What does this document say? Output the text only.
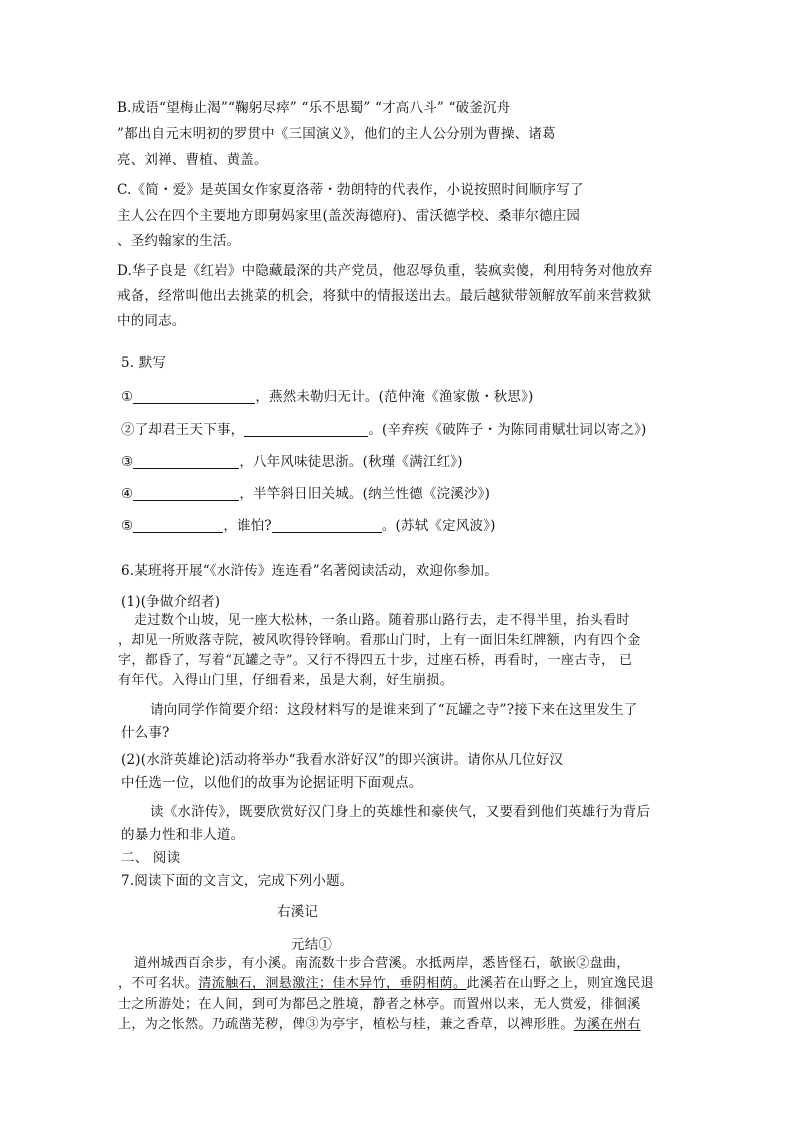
B.成语“望梅止渴”“鞠躬尽瘁” “乐不思蜀” “才高八斗” “破釜沉舟
”都出自元末明初的罗贯中《三国演义》，他们的主人公分别为曹操、诸葛
亮、刘禅、曹植、黄盖。
C.《简・爱》是英国女作家夏洛蒂・勃朗特的代表作，小说按照时间顺序写了
主人公在四个主要地方即舅妈家里(盖茨海德府)、雷沃德学校、桑菲尔德庄园
、圣约翰家的生活。
D.华子良是《红岩》中隐藏最深的共产党员，他忍辱负重，装疯卖傻，利用特务对他放弃
戒备，经常叫他出去挑菜的机会，将狱中的情报送出去。最后越狱带领解放军前来营救狱
中的同志。
5. 默写
①	，燕然未勒归无计。(范仲淹《渔家傲・秋思》)
②了却君王天下事，	。(辛弃疾《破阵子・为陈同甫赋壮词以寄之》)
③	，八年风味徒思浙。(秋瑾《满江红》)
④	，半竿斜日旧关城。(纳兰性德《浣溪沙》)
⑤	，谁怕?	。(苏轼《定风波》)
6.某班将开展“《水浒传》连连看”名著阅读活动，欢迎你参加。
(1)(争做介绍者)
走过数个山坡，见一座大松林，一条山路。随着那山路行去，走不得半里，抬头看时
，却见一所败落寺院，被风吹得铃铎响。看那山门时，上有一面旧朱红牌额，内有四个金
字，都昏了，写着“瓦罐之寺”。又行不得四五十步，过座石桥，再看时，一座古寺， 已
有年代。入得山门里，仔细看来，虽是大刹，好生崩损。
请向同学作简要介绍：这段材料写的是谁来到了“瓦罐之寺”?接下来在这里发生了
什么事?
(2)(水浒英雄论)活动将举办“我看水浒好汉”的即兴演讲。请你从几位好汉
中任选一位，以他们的故事为论据证明下面观点。
读《水浒传》，既要欣赏好汉门身上的英雄性和豪侠气，又要看到他们英雄行为背后
的暴力性和非人道。
二、 阅读
7.阅读下面的文言文，完成下列小题。
右溪记
元结①
道州城西百余步，有小溪。南流数十步合营溪。水抵两岸，悉皆怪石，欹嵌②盘曲，
，不可名状。清流触石，洄悬激注；佳木异竹，垂阴相荫。此溪若在山野之上，则宜逸民退
士之所游处；在人间，到可为都邑之胜境，静者之林亭。而置州以来，无人赏爱，徘徊溪
上，为之怅然。乃疏凿芜秽，俾③为亭宇，植松与桂，兼之香草，以裨形胜。为溪在州右
